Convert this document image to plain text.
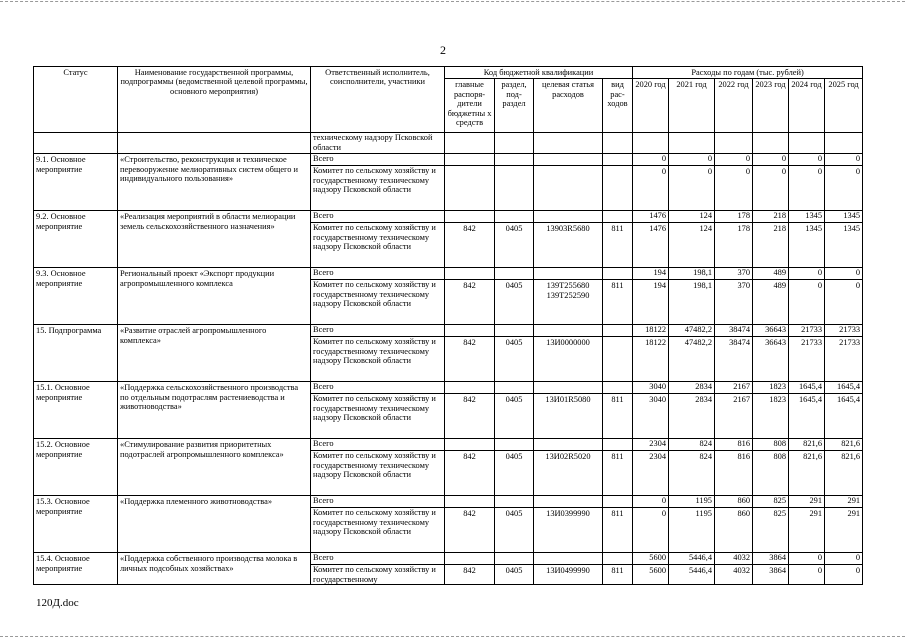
2
Статус	Наименование государственной программы, подпрограммы (ведомственной целевой программы, основного мероприятия)	Ответственный исполнитель, соисполнители, участники	Код бюджетной квалификации				Расходы по годам (тыс. рублей)					
			главные распоря- дители бюджетны х средств	раздел, под- раздел	целевая статья расходов	вид рас- ходов	2020 год	2021 год	2022 год	2023 год	2024 год	2025 год
		техническому надзору Псковской области										
9.1. Основное мероприятие	«Строительство, реконструкция и техническое перевооружение мелиоративных систем общего и индивидуального пользования»	Всего					0	0	0	0	0	0
		Комитет по сельскому хозяйству и государственному техническому надзору Псковской области					0	0	0	0	0	0
9.2. Основное мероприятие	«Реализация мероприятий в области мелиорации земель сельскохозяйственного назначения»	Всего					1476	124	178	218	1345	1345
		Комитет по сельскому хозяйству и государственному техническому надзору Псковской области	842	0405	13903R5680	811	1476	124	178	218	1345	1345
9.3. Основное мероприятие	Региональный проект «Экспорт продукции агропромышленного комплекса	Всего					194	198,1	370	489	0	0
		Комитет по сельскому хозяйству и государственному техническому надзору Псковской области	842	0405	139Т255680 139Т252590	811	194	198,1	370	489	0	0
15. Подпрограмма	«Развитие отраслей агропромышленного комплекса»	Всего					18122	47482,2	38474	36643	21733	21733
		Комитет по сельскому хозяйству и государственному техническому надзору Псковской области	842	0405	13И0000000		18122	47482,2	38474	36643	21733	21733
15.1. Основное мероприятие	«Поддержка сельскохозяйственного производства по отдельным подотраслям растениеводства и животноводства»	Всего					3040	2834	2167	1823	1645,4	1645,4
		Комитет по сельскому хозяйству и государственному техническому надзору Псковской области	842	0405	13И01R5080	811	3040	2834	2167	1823	1645,4	1645,4
15.2. Основное мероприятие	«Стимулирование развития приоритетных подотраслей агропромышленного комплекса»	Всего					2304	824	816	808	821,6	821,6
		Комитет по сельскому хозяйству и государственному техническому надзору Псковской области	842	0405	13И02R5020	811	2304	824	816	808	821,6	821,6
15.3. Основное мероприятие	«Поддержка племенного животноводства»	Всего					0	1195	860	825	291	291
		Комитет по сельскому хозяйству и государственному техническому надзору Псковской области	842	0405	13И0399990	811	0	1195	860	825	291	291
15.4. Основное мероприятие	«Поддержка собственного производства молока в личных подсобных хозяйствах»	Всего					5600	5446,4	4032	3864	0	0
		Комитет по сельскому хозяйству и государственному	842	0405	13И0499990	811	5600	5446,4	4032	3864	0	0
120Д.doc
